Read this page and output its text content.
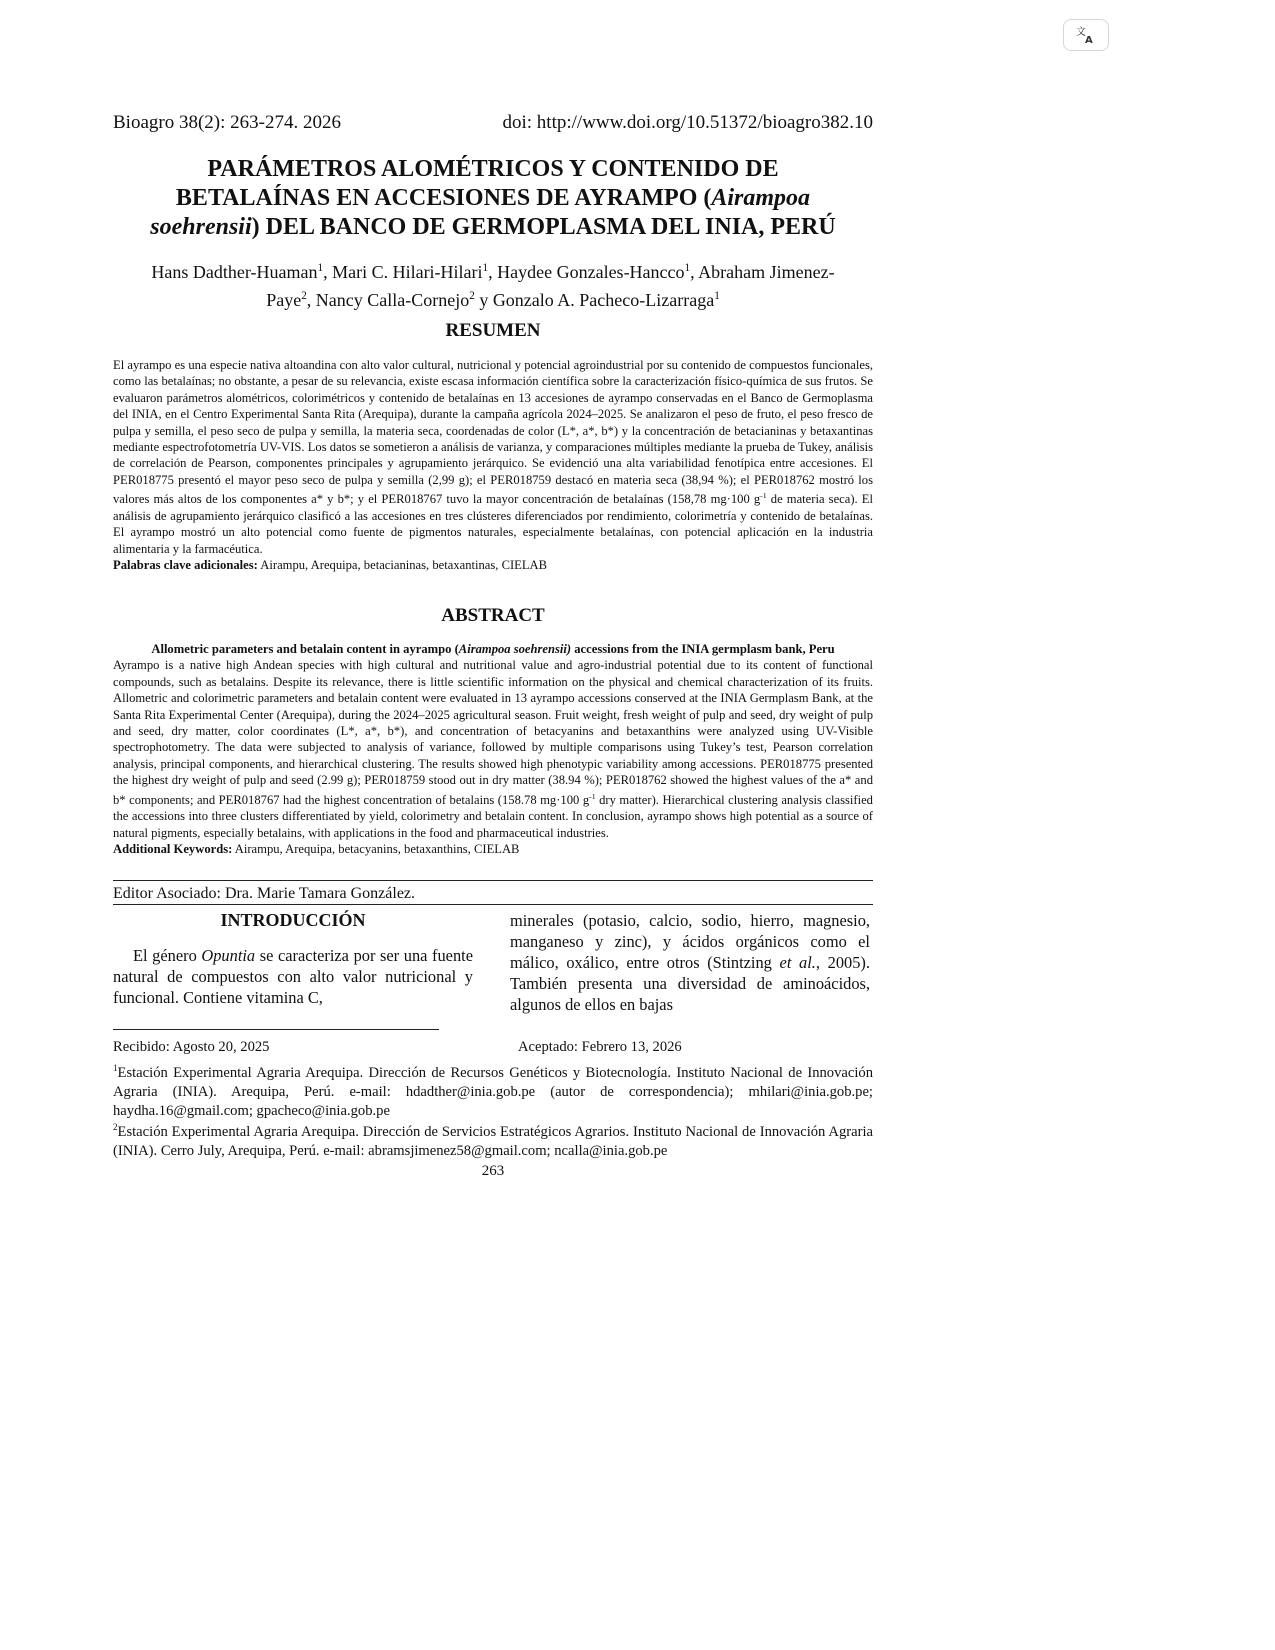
文
A
Bioagro 38(2): 263-274. 2026	doi: http://www.doi.org/10.51372/bioagro382.10
PARÁMETROS ALOMÉTRICOS Y CONTENIDO DE
BETALAÍNAS EN ACCESIONES DE AYRAMPO (Airampoa
soehrensii) DEL BANCO DE GERMOPLASMA DEL INIA, PERÚ
Hans Dadther-Huaman$^1$, Mari C. Hilari-Hilari$^1$, Haydee Gonzales-Hancco$^1$, Abraham Jimenez-
Paye$^2$, Nancy Calla-Cornejo$^2$ y Gonzalo A. Pacheco-Lizarraga$^1$
RESUMEN
El ayrampo es una especie nativa altoandina con alto valor cultural, nutricional y potencial agroindustrial por su contenido de compuestos funcionales, como las betalaínas; no obstante, a pesar de su relevancia, existe escasa información científica sobre la caracterización físico-química de sus frutos. Se evaluaron parámetros alométricos, colorimétricos y contenido de betalaínas en 13 accesiones de ayrampo conservadas en el Banco de Germoplasma del INIA, en el Centro Experimental Santa Rita (Arequipa), durante la campaña agrícola 2024–2025. Se analizaron el peso de fruto, el peso fresco de pulpa y semilla, el peso seco de pulpa y semilla, la materia seca, coordenadas de color (L*, a*, b*) y la concentración de betacianinas y betaxantinas mediante espectrofotometría UV-VIS. Los datos se sometieron a análisis de varianza, y comparaciones múltiples mediante la prueba de Tukey, análisis de correlación de Pearson, componentes principales y agrupamiento jerárquico. Se evidenció una alta variabilidad fenotípica entre accesiones. El PER018775 presentó el mayor peso seco de pulpa y semilla (2,99 g); el PER018759 destacó en materia seca (38,94 %); el PER018762 mostró los valores más altos de los componentes a* y b*; y el PER018767 tuvo la mayor concentración de betalaínas (158,78 mg·100 $g^{-1}$ de materia seca). El análisis de agrupamiento jerárquico clasificó a las accesiones en tres clústeres diferenciados por rendimiento, colorimetría y contenido de betalaínas. El ayrampo mostró un alto potencial como fuente de pigmentos naturales, especialmente betalaínas, con potencial aplicación en la industria alimentaria y la farmacéutica.
Palabras clave adicionales: Airampu, Arequipa, betacianinas, betaxantinas, CIELAB
ABSTRACT
Allometric parameters and betalain content in ayrampo (Airampoa soehrensii) accessions from the INIA germplasm bank, Peru
Ayrampo is a native high Andean species with high cultural and nutritional value and agro-industrial potential due to its content of functional compounds, such as betalains. Despite its relevance, there is little scientific information on the physical and chemical characterization of its fruits. Allometric and colorimetric parameters and betalain content were evaluated in 13 ayrampo accessions conserved at the INIA Germplasm Bank, at the Santa Rita Experimental Center (Arequipa), during the 2024–2025 agricultural season. Fruit weight, fresh weight of pulp and seed, dry weight of pulp and seed, dry matter, color coordinates (L*, a*, b*), and concentration of betacyanins and betaxanthins were analyzed using UV-Visible spectrophotometry. The data were subjected to analysis of variance, followed by multiple comparisons using Tukey’s test, Pearson correlation analysis, principal components, and hierarchical clustering. The results showed high phenotypic variability among accessions. PER018775 presented the highest dry weight of pulp and seed (2.99 g); PER018759 stood out in dry matter (38.94 %); PER018762 showed the highest values of the a* and b* components; and PER018767 had the highest concentration of betalains (158.78 mg·100 $g^{-1}$ dry matter). Hierarchical clustering analysis classified the accessions into three clusters differentiated by yield, colorimetry and betalain content. In conclusion, ayrampo shows high potential as a source of natural pigments, especially betalains, with applications in the food and pharmaceutical industries.
Additional Keywords: Airampu, Arequipa, betacyanins, betaxanthins, CIELAB
Editor Asociado: Dra. Marie Tamara González.
INTRODUCCIÓN
El género Opuntia se caracteriza por ser una fuente natural de compuestos con alto valor nutricional y funcional. Contiene vitamina C,
minerales (potasio, calcio, sodio, hierro, magnesio, manganeso y zinc), y ácidos orgánicos como el málico, oxálico, entre otros (Stintzing et al., 2005). También presenta una diversidad de aminoácidos, algunos de ellos en bajas
Recibido: Agosto 20, 2025	Aceptado: Febrero 13, 2026
$^1$Estación Experimental Agraria Arequipa. Dirección de Recursos Genéticos y Biotecnología. Instituto Nacional de Innovación Agraria (INIA). Arequipa, Perú. e-mail: hdadther@inia.gob.pe (autor de correspondencia); mhilari@inia.gob.pe; haydha.16@gmail.com; gpacheco@inia.gob.pe
$^2$Estación Experimental Agraria Arequipa. Dirección de Servicios Estratégicos Agrarios. Instituto Nacional de Innovación Agraria (INIA). Cerro July, Arequipa, Perú. e-mail: abramsjimenez58@gmail.com; ncalla@inia.gob.pe
263
